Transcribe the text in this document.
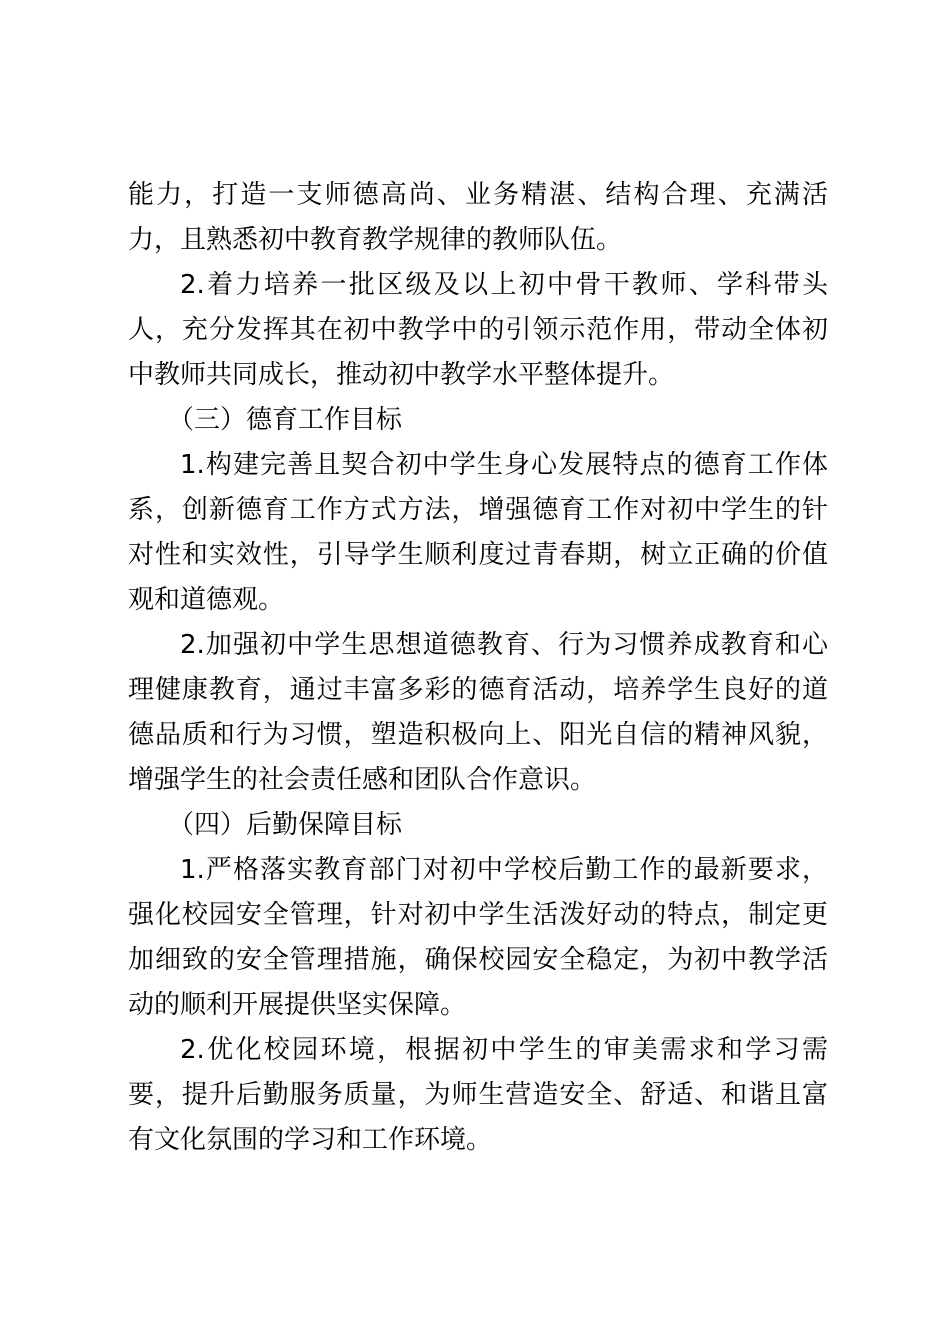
能力，打造一支师德高尚、业务精湛、结构合理、充满活力，且熟悉初中教育教学规律的教师队伍。

2.着力培养一批区级及以上初中骨干教师、学科带头人，充分发挥其在初中教学中的引领示范作用，带动全体初中教师共同成长，推动初中教学水平整体提升。

（三）德育工作目标

1.构建完善且契合初中学生身心发展特点的德育工作体系，创新德育工作方式方法，增强德育工作对初中学生的针对性和实效性，引导学生顺利度过青春期，树立正确的价值观和道德观。

2.加强初中学生思想道德教育、行为习惯养成教育和心理健康教育，通过丰富多彩的德育活动，培养学生良好的道德品质和行为习惯，塑造积极向上、阳光自信的精神风貌，增强学生的社会责任感和团队合作意识。

（四）后勤保障目标

1.严格落实教育部门对初中学校后勤工作的最新要求，强化校园安全管理，针对初中学生活泼好动的特点，制定更加细致的安全管理措施，确保校园安全稳定，为初中教学活动的顺利开展提供坚实保障。

2.优化校园环境，根据初中学生的审美需求和学习需要，提升后勤服务质量，为师生营造安全、舒适、和谐且富有文化氛围的学习和工作环境。
